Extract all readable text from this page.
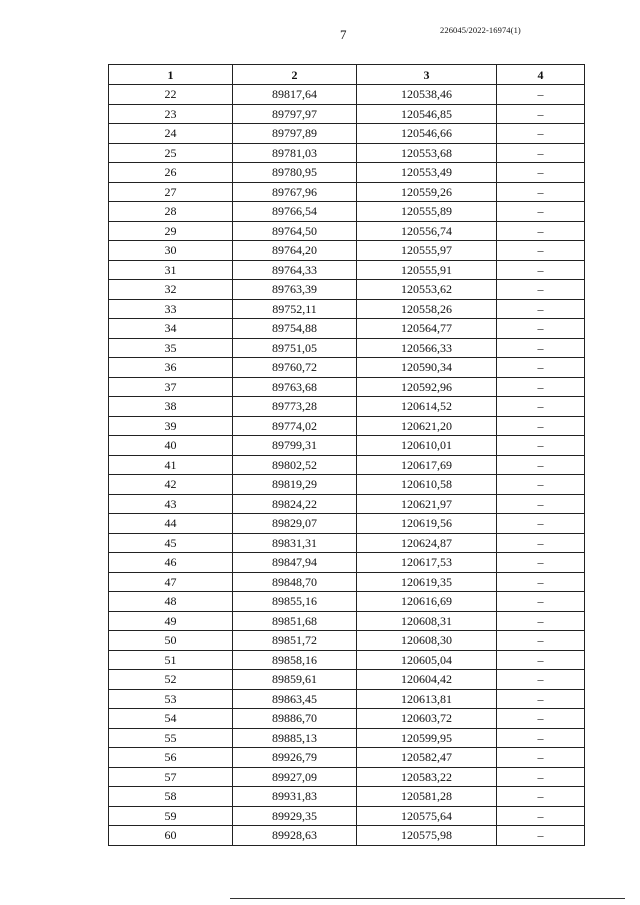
7	226045/2022-16974(1)
1	2	3	4
22	89817,64	120538,46	–
23	89797,97	120546,85	–
24	89797,89	120546,66	–
25	89781,03	120553,68	–
26	89780,95	120553,49	–
27	89767,96	120559,26	–
28	89766,54	120555,89	–
29	89764,50	120556,74	–
30	89764,20	120555,97	–
31	89764,33	120555,91	–
32	89763,39	120553,62	–
33	89752,11	120558,26	–
34	89754,88	120564,77	–
35	89751,05	120566,33	–
36	89760,72	120590,34	–
37	89763,68	120592,96	–
38	89773,28	120614,52	–
39	89774,02	120621,20	–
40	89799,31	120610,01	–
41	89802,52	120617,69	–
42	89819,29	120610,58	–
43	89824,22	120621,97	–
44	89829,07	120619,56	–
45	89831,31	120624,87	–
46	89847,94	120617,53	–
47	89848,70	120619,35	–
48	89855,16	120616,69	–
49	89851,68	120608,31	–
50	89851,72	120608,30	–
51	89858,16	120605,04	–
52	89859,61	120604,42	–
53	89863,45	120613,81	–
54	89886,70	120603,72	–
55	89885,13	120599,95	–
56	89926,79	120582,47	–
57	89927,09	120583,22	–
58	89931,83	120581,28	–
59	89929,35	120575,64	–
60	89928,63	120575,98	–
